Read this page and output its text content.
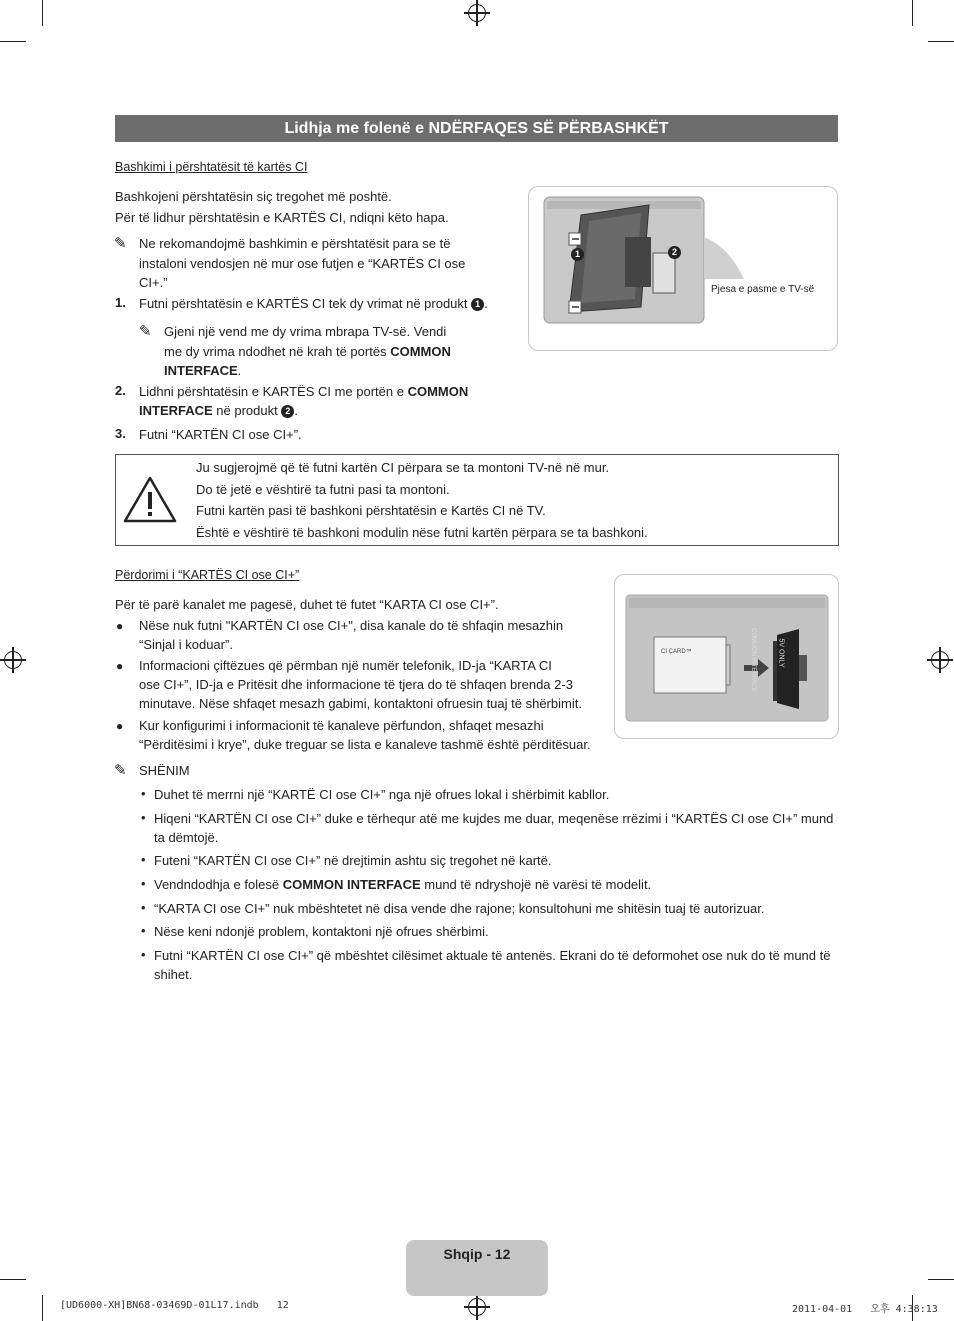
Lidhja me folenë e NDËRFAQES SË PËRBASHKËT
Bashkimi i përshtatësit të kartës CI
Bashkojeni përshtatësin siç tregohet më poshtë.
Për të lidhur përshtatësin e KARTËS CI, ndiqni këto hapa.
✎ Ne rekomandojmë bashkimin e përshtatësit para se të
instaloni vendosjen në mur ose futjen e “KARTËS CI ose
CI+.”
1. Futni përshtatësin e KARTËS CI tek dy vrimat në produkt 1 .
✎ Gjeni një vend me dy vrima mbrapa TV-së. Vendi
me dy vrima ndodhet në krah të portës COMMON
INTERFACE.
2. Lidhni përshtatësin e KARTËS CI me portën e COMMON
INTERFACE në produkt 2 .
3. Futni “KARTËN CI ose CI+”.
1	2
Pjesa e pasme e TV-së
Ju sugjerojmë që të futni kartën CI përpara se ta montoni TV-në në mur.
Do të jetë e vështirë ta futni pasi ta montoni.
Futni kartën pasi të bashkoni përshtatësin e Kartës CI në TV.
Është e vështirë të bashkoni modulin nëse futni kartën përpara se ta bashkoni.
Përdorimi i “KARTËS CI ose CI+”
Për të parë kanalet me pagesë, duhet të futet “KARTA CI ose CI+”.
● Nëse nuk futni "KARTËN CI ose CI+", disa kanale do të shfaqin mesazhin
“Sinjal i koduar”.
● Informacioni çiftëzues që përmban një numër telefonik, ID-ja “KARTA CI
ose CI+”, ID-ja e Pritësit dhe informacione të tjera do të shfaqen brenda 2-3
minutave. Nëse shfaqet mesazh gabimi, kontaktoni ofruesin tuaj të shërbimit.
● Kur konfigurimi i informacionit të kanaleve përfundon, shfaqet mesazhi
“Përditësimi i krye”, duke treguar se lista e kanaleve tashmë është përditësuar.
CI CARD™	COMMON INTERFACE	5V ONLY
✎ SHËNIM
• Duhet të merrni një “KARTË CI ose CI+” nga një ofrues lokal i shërbimit kabllor.
• Hiqeni “KARTËN CI ose CI+” duke e tërhequr atë me kujdes me duar, meqenëse rrëzimi i “KARTËS CI ose CI+” mund
ta dëmtojë.
• Futeni “KARTËN CI ose CI+” në drejtimin ashtu siç tregohet në kartë.
• Vendndodhja e folesë COMMON INTERFACE mund të ndryshojë në varësi të modelit.
• “KARTA CI ose CI+” nuk mbështetet në disa vende dhe rajone; konsultohuni me shitësin tuaj të autorizuar.
• Nëse keni ndonjë problem, kontaktoni një ofrues shërbimi.
• Futni “KARTËN CI ose CI+” që mbështet cilësimet aktuale të antenës. Ekrani do të deformohet ose nuk do të mund të
shihet.
Shqip - 12
[UD6000-XH]BN68-03469D-01L17.indb   12	2011-04-01   오후 4:38:13
